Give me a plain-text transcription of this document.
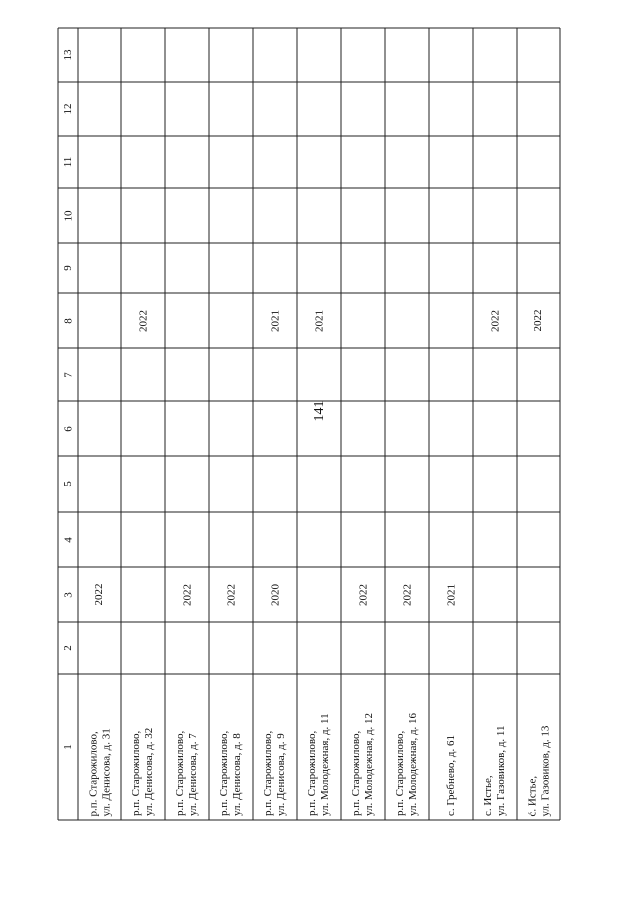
141
1
2
3
4
5
6
7
8
9
10
11
12
13
р.п. Старожилово,
ул. Денисова, д. 31
2022
р.п. Старожилово,
ул. Денисова, д. 32
2022
р.п. Старожилово,
ул. Денисова, д. 7
2022
р.п. Старожилово,
ул. Денисова, д. 8
2022
р.п. Старожилово,
ул. Денисова, д. 9
2020
2021
р.п. Старожилово,
ул. Молодежная, д. 11
2021
р.п. Старожилово,
ул. Молодежная, д. 12
2022
р.п. Старожилово,
ул. Молодежная, д. 16
2022
с. Гребнево, д. 61
2021
с. Истье,
ул. Газовиков, д. 11
2022
ć. Истье,
ул. Газовиков, д. 13
2022
